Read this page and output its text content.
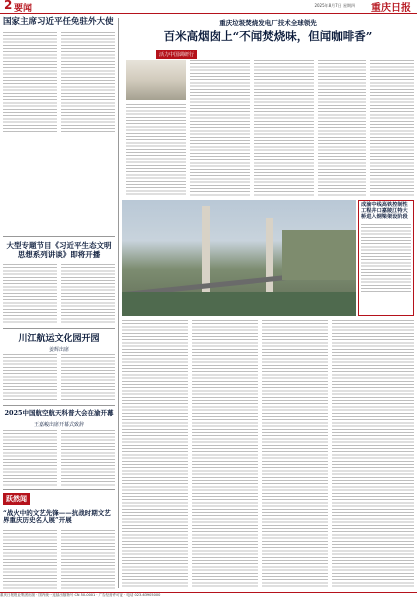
2 要闻	2025年8月7日 星期四 重庆日报
国家主席习近平任免驻外大使
大型专题节目《习近平生态文明思想系列讲谈》即将开播
川江航运文化园开园
姜辉出席
2025中国航空航天科普大会在渝开幕
王嘉峻出席开幕式致辞
跃然闻
“战火中的文艺先锋——抗战时期文艺界重庆历史名人展”开展
重庆垃圾焚烧发电厂技术全球领先
百米高烟囱上“不闻焚烧味，但闻咖啡香”
活力中国调研行
成渝中线高铁控制性工程井口嘉陵江特大桥进入钢梁架设阶段
重庆日报报业集团出版 · 国内统一连续出版物号 CN 50-0001 · 广告经营许可证 · 电话 023-63905000
